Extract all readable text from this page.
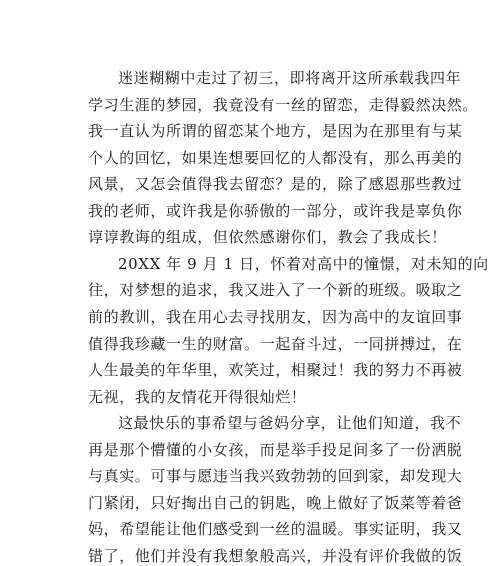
迷迷糊糊中走过了初三，即将离开这所承载我四年

学习生涯的梦园，我竟没有一丝的留恋，走得毅然决然。

我一直认为所谓的留恋某个地方，是因为在那里有与某

个人的回忆，如果连想要回忆的人都没有，那么再美的

风景，又怎会值得我去留恋？是的，除了感恩那些教过

我的老师，或许我是你骄傲的一部分，或许我是辜负你

谆谆教诲的组成，但依然感谢你们，教会了我成长！

20XX 年 9 月 1 日，怀着对高中的憧憬，对未知的向

往，对梦想的追求，我又进入了一个新的班级。吸取之

前的教训，我在用心去寻找朋友，因为高中的友谊回事

值得我珍藏一生的财富。一起奋斗过，一同拼搏过，在

人生最美的年华里，欢笑过，相聚过！我的努力不再被

无视，我的友情花开得很灿烂！

这最快乐的事希望与爸妈分享，让他们知道，我不

再是那个懵懂的小女孩，而是举手投足间多了一份洒脱

与真实。可事与愿违当我兴致勃勃的回到家，却发现大

门紧闭，只好掏出自己的钥匙，晚上做好了饭菜等着爸

妈，希望能让他们感受到一丝的温暖。事实证明，我又

错了，他们并没有我想象般高兴，并没有评价我做的饭
